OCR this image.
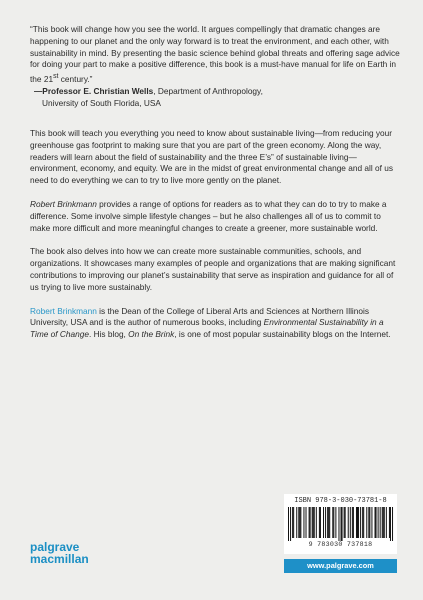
“This book will change how you see the world. It argues compellingly that dramatic changes are happening to our planet and the only way forward is to treat the environment, and each other, with sustainability in mind. By presenting the basic science behind global threats and offering sage advice for doing your part to make a positive difference, this book is a must-have manual for life on Earth in the 21st century.”

—Professor E. Christian Wells, Department of Anthropology,
University of South Florida, USA

This book will teach you everything you need to know about sustainable living—from reducing your greenhouse gas footprint to making sure that you are part of the green economy. Along the way, readers will learn about the field of sustainability and the three E’s” of sustainable living—environment, economy, and equity. We are in the midst of great environmental change and all of us need to do everything we can to try to live more gently on the planet.

Robert Brinkmann provides a range of options for readers as to what they can do to try to make a difference. Some involve simple lifestyle changes – but he also challenges all of us to commit to make more difficult and more meaningful changes to create a greener, more sustainable world.

The book also delves into how we can create more sustainable communities, schools, and organizations. It showcases many examples of people and organizations that are making significant contributions to improving our planet’s sustainability that serve as inspiration and guidance for all of us trying to live more sustainably.

Robert Brinkmann is the Dean of the College of Liberal Arts and Sciences at Northern Illinois University, USA and is the author of numerous books, including Environmental Sustainability in a Time of Change. His blog, On the Brink, is one of most popular sustainability blogs on the Internet.

ISBN 978-3-030-73781-8
9 783030 737818
palgrave
macmillan	www.palgrave.com
